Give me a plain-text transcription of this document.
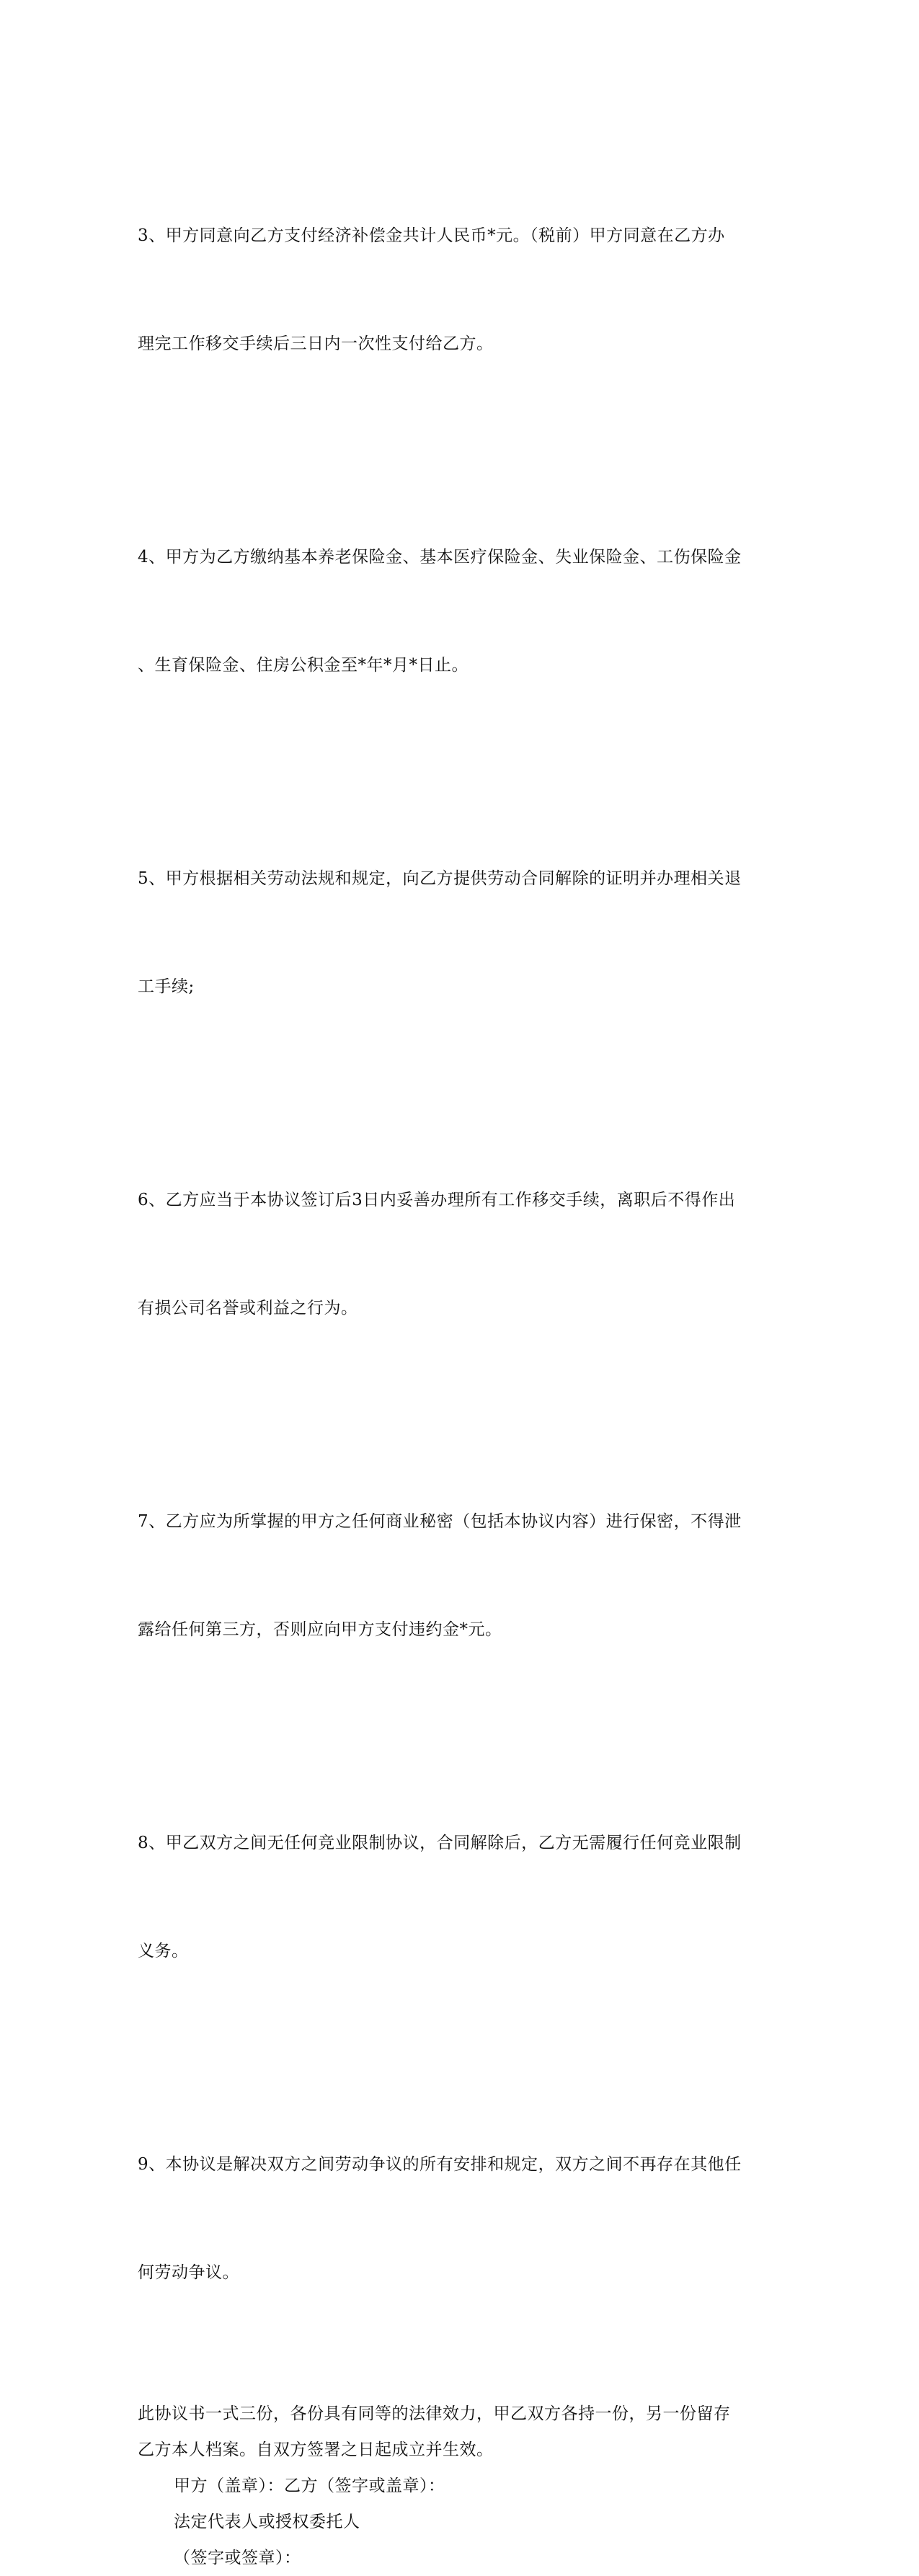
3、甲方同意向乙方支付经济补偿金共计人民币*元。（税前）甲方同意在乙方办

理完工作移交手续后三日内一次性支付给乙方。

4、甲方为乙方缴纳基本养老保险金、基本医疗保险金、失业保险金、工伤保险金

、生育保险金、住房公积金至*年*月*日止。

5、甲方根据相关劳动法规和规定，向乙方提供劳动合同解除的证明并办理相关退

工手续;

6、乙方应当于本协议签订后3日内妥善办理所有工作移交手续，离职后不得作出

有损公司名誉或利益之行为。

7、乙方应为所掌握的甲方之任何商业秘密（包括本协议内容）进行保密，不得泄

露给任何第三方，否则应向甲方支付违约金*元。

8、甲乙双方之间无任何竞业限制协议，合同解除后，乙方无需履行任何竞业限制

义务。

9、本协议是解决双方之间劳动争议的所有安排和规定，双方之间不再存在其他任

何劳动争议。

此协议书一式三份，各份具有同等的法律效力，甲乙双方各持一份，另一份留存
乙方本人档案。自双方签署之日起成立并生效。
甲方（盖章）：乙方（签字或盖章）：
法定代表人或授权委托人
（签字或签章）：
